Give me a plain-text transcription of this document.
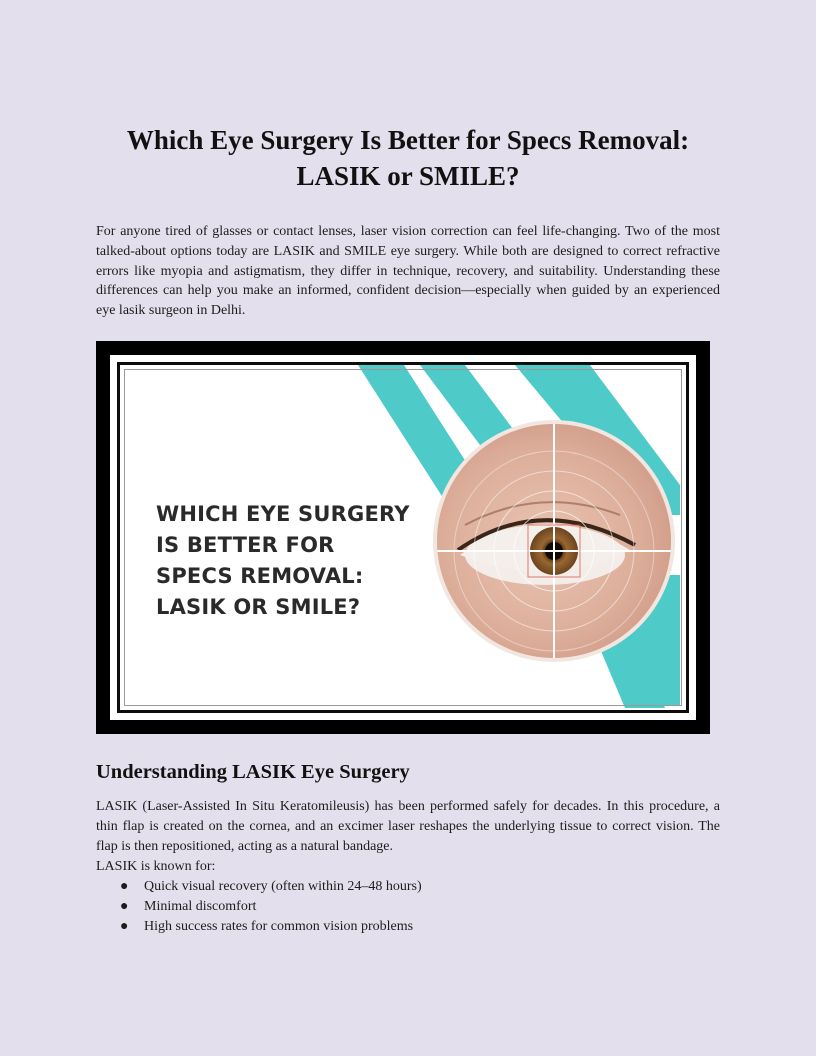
Which Eye Surgery Is Better for Specs Removal:
LASIK or SMILE?

For anyone tired of glasses or contact lenses, laser vision correction can feel life-changing. Two of the most talked-about options today are LASIK and SMILE eye surgery. While both are designed to correct refractive errors like myopia and astigmatism, they differ in technique, recovery, and suitability. Understanding these differences can help you make an informed, confident decision—especially when guided by an experienced eye lasik surgeon in Delhi.

Understanding LASIK Eye Surgery

LASIK (Laser-Assisted In Situ Keratomileusis) has been performed safely for decades. In this procedure, a thin flap is created on the cornea, and an excimer laser reshapes the underlying tissue to correct vision. The flap is then repositioned, acting as a natural bandage.

LASIK is known for:

● Quick visual recovery (often within 24–48 hours)
● Minimal discomfort
● High success rates for common vision problems

WHICH EYE SURGERY
IS BETTER FOR
SPECS REMOVAL:
LASIK OR SMILE?
